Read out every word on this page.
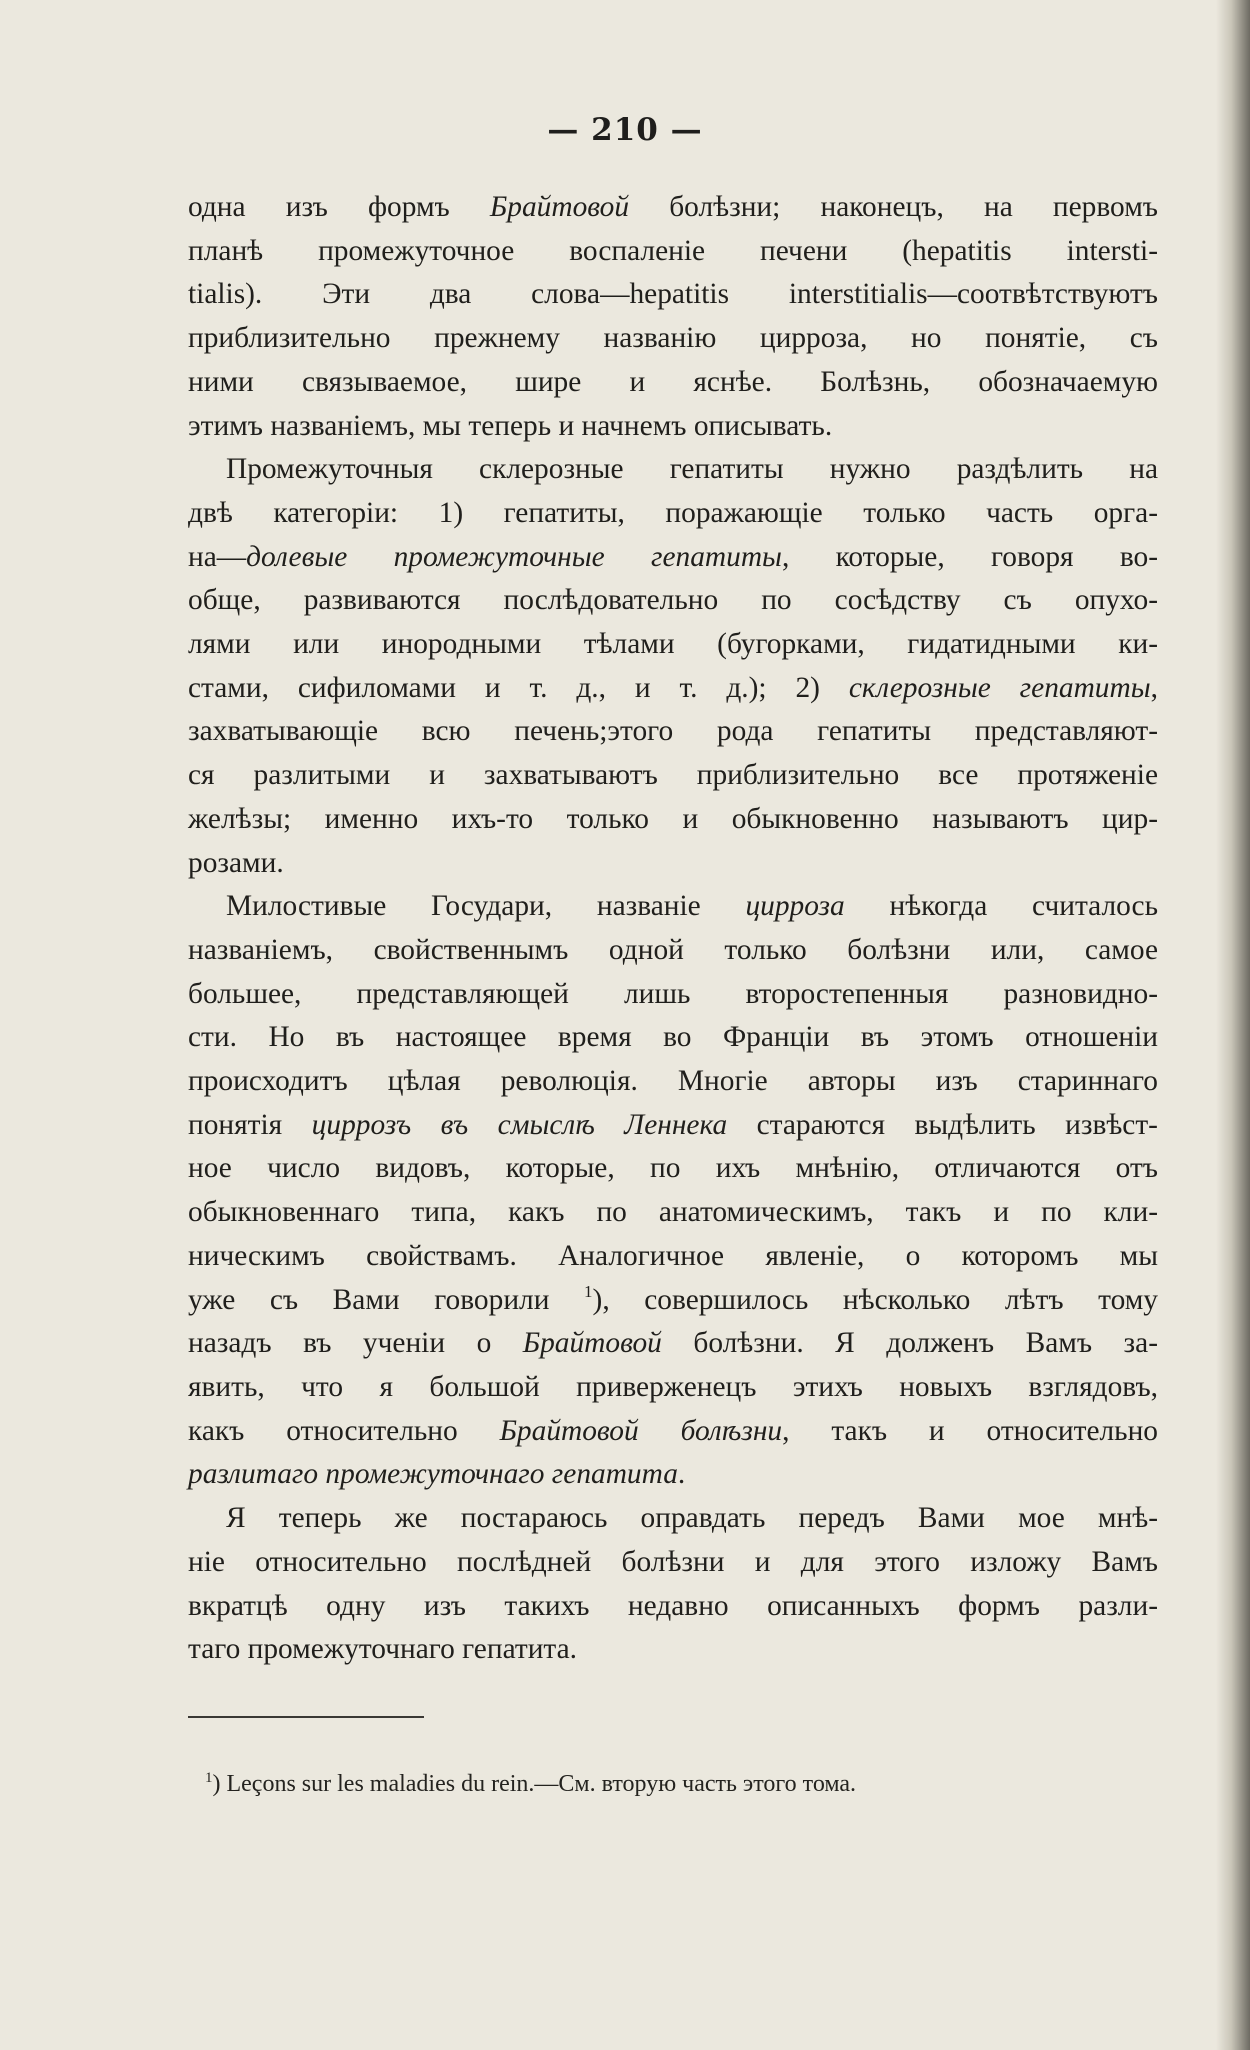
— 210 —
одна изъ формъ Брайтовой болѣзни; наконецъ, на первомъ
планѣ промежуточное воспаленіе печени (hepatitis intersti-
tialis). Эти два слова—hepatitis interstitialis—соотвѣтствуютъ
приблизительно прежнему названію цирроза, но понятіе, съ
ними связываемое, шире и яснѣе. Болѣзнь, обозначаемую
этимъ названіемъ, мы теперь и начнемъ описывать.
Промежуточныя склерозные гепатиты нужно раздѣлить на
двѣ категоріи: 1) гепатиты, поражающіе только часть орга-
на—долевые промежуточные гепатиты, которые, говоря во-
обще, развиваются послѣдовательно по сосѣдству съ опухо-
лями или инородными тѣлами (бугорками, гидатидными ки-
стами, сифиломами и т. д., и т. д.); 2) склерозные гепатиты,
захватывающіе всю печень;этого рода гепатиты представляют-
ся разлитыми и захватываютъ приблизительно все протяженіе
желѣзы; именно ихъ-то только и обыкновенно называютъ цир-
розами.
Милостивые Государи, названіе цирроза нѣкогда считалось
названіемъ, свойственнымъ одной только болѣзни или, самое
большее, представляющей лишь второстепенныя разновидно-
сти. Но въ настоящее время во Франціи въ этомъ отношеніи
происходитъ цѣлая революція. Многіе авторы изъ стариннаго
понятія циррозъ въ смыслѣ Леннека стараются выдѣлить извѣст-
ное число видовъ, которые, по ихъ мнѣнію, отличаются отъ
обыкновеннаго типа, какъ по анатомическимъ, такъ и по кли-
ническимъ свойствамъ. Аналогичное явленіе, о которомъ мы
уже съ Вами говорили $^1$), совершилось нѣсколько лѣтъ тому
назадъ въ ученіи о Брайтовой болѣзни. Я долженъ Вамъ за-
явить, что я большой приверженецъ этихъ новыхъ взглядовъ,
какъ относительно Брайтовой болѣзни, такъ и относительно
разлитаго промежуточнаго гепатита.
Я теперь же постараюсь оправдать передъ Вами мое мнѣ-
ніе относительно послѣдней болѣзни и для этого изложу Вамъ
вкратцѣ одну изъ такихъ недавно описанныхъ формъ разли-
таго промежуточнаго гепатита.
$^1$) Leçons sur les maladies du rein.—См. вторую часть этого тома.
